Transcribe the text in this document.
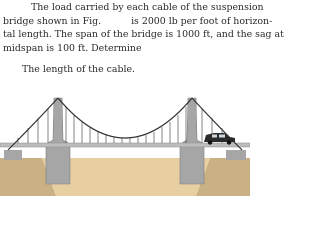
The load carried by each cable of the suspension
bridge shown in Fig.	is 2000 lb per foot of horizon-
tal length. The span of the bridge is 1000 ft, and the sag at
midspan is 100 ft. Determine
The length of the cable.
